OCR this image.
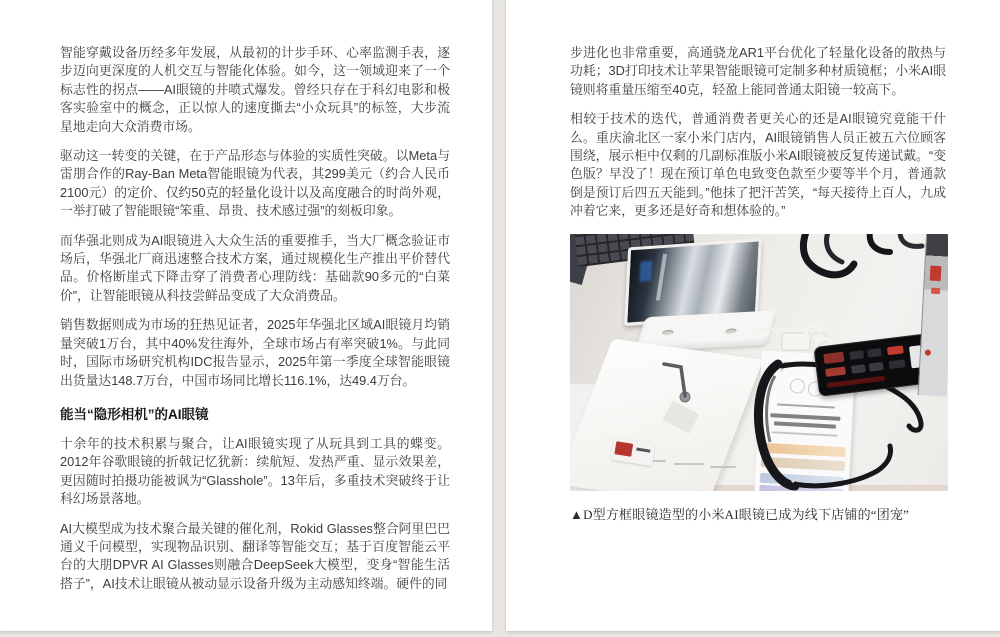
智能穿戴设备历经多年发展，从最初的计步手环、心率监测手表，逐步迈向更深度的人机交互与智能化体验。如今，这一领域迎来了一个标志性的拐点——AI眼镜的井喷式爆发。曾经只存在于科幻电影和极客实验室中的概念，正以惊人的速度撕去“小众玩具”的标签，大步流星地走向大众消费市场。

驱动这一转变的关键，在于产品形态与体验的实质性突破。以Meta与雷朋合作的Ray-Ban Meta智能眼镜为代表，其299美元（约合人民币2100元）的定价、仅约50克的轻量化设计以及高度融合的时尚外观，一举打破了智能眼镜“笨重、昂贵、技术感过强”的刻板印象。

而华强北则成为AI眼镜进入大众生活的重要推手，当大厂概念验证市场后，华强北厂商迅速整合技术方案，通过规模化生产推出平价替代品。价格断崖式下降击穿了消费者心理防线：基础款90多元的“白菜价”，让智能眼镜从科技尝鲜品变成了大众消费品。

销售数据则成为市场的狂热见证者，2025年华强北区域AI眼镜月均销量突破1万台，其中40%发往海外，全球市场占有率突破1%。与此同时，国际市场研究机构IDC报告显示，2025年第一季度全球智能眼镜出货量达148.7万台，中国市场同比增长116.1%，达49.4万台。

能当“隐形相机”的AI眼镜

十余年的技术积累与聚合，让AI眼镜实现了从玩具到工具的蝶变。2012年谷歌眼镜的折戟记忆犹新：续航短、发热严重、显示效果差，更因随时拍摄功能被讽为“Glasshole”。13年后，多重技术突破终于让科幻场景落地。

AI大模型成为技术聚合最关键的催化剂，Rokid Glasses整合阿里巴巴通义千问模型，实现物品识别、翻译等智能交互；基于百度智能云平台的大朋DPVR AI Glasses则融合DeepSeek大模型，变身“智能生活搭子”，AI技术让眼镜从被动显示设备升级为主动感知终端。硬件的同

步进化也非常重要，高通骁龙AR1平台优化了轻量化设备的散热与功耗；3D打印技术让苹果智能眼镜可定制多种材质镜框；小米AI眼镜则将重量压缩至40克，轻盈上能同普通太阳镜一较高下。

相较于技术的迭代，普通消费者更关心的还是AI眼镜究竟能干什么。重庆渝北区一家小米门店内，AI眼镜销售人员正被五六位顾客围绕，展示柜中仅剩的几副标准版小米AI眼镜被反复传递试戴。“变色版？早没了！现在预订单色电致变色款至少要等半个月，普通款倒是预订后四五天能到。”他抹了把汗苦笑，“每天接待上百人，九成冲着它来，更多还是好奇和想体验的。”

▲D型方框眼镜造型的小米AI眼镜已成为线下店铺的“团宠”
